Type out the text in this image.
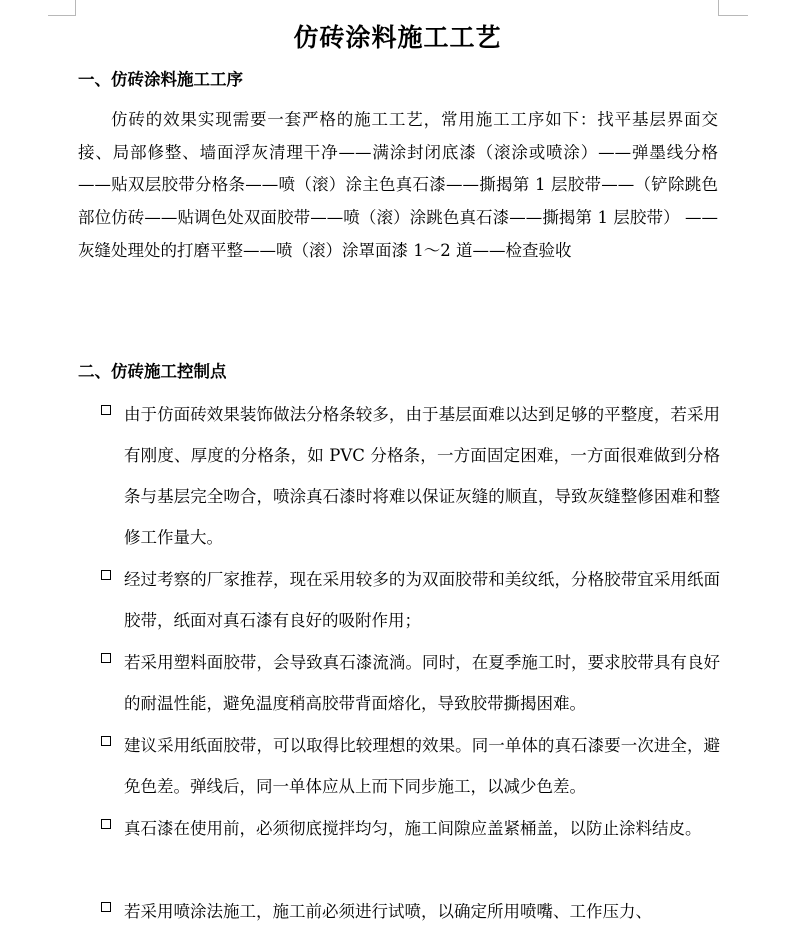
仿砖涂料施工工艺
一、仿砖涂料施工工序

仿砖的效果实现需要一套严格的施工工艺，常用施工工序如下：找平基层界面交接、局部修整、墙面浮灰清理干净——满涂封闭底漆（滚涂或喷涂）——弹墨线分格——贴双层胶带分格条——喷（滚）涂主色真石漆——撕揭第 1 层胶带——（铲除跳色部位仿砖——贴调色处双面胶带——喷（滚）涂跳色真石漆——撕揭第 1 层胶带） ——灰缝处理处的打磨平整——喷（滚）涂罩面漆 1～2 道——检查验收

二、仿砖施工控制点
由于仿面砖效果装饰做法分格条较多，由于基层面难以达到足够的平整度，若采用有刚度、厚度的分格条，如 PVC 分格条，一方面固定困难，一方面很难做到分格条与基层完全吻合，喷涂真石漆时将难以保证灰缝的顺直，导致灰缝整修困难和整修工作量大。
经过考察的厂家推荐，现在采用较多的为双面胶带和美纹纸，分格胶带宜采用纸面胶带，纸面对真石漆有良好的吸附作用；
若采用塑料面胶带，会导致真石漆流淌。同时，在夏季施工时，要求胶带具有良好的耐温性能，避免温度稍高胶带背面熔化，导致胶带撕揭困难。
建议采用纸面胶带，可以取得比较理想的效果。同一单体的真石漆要一次进全，避免色差。弹线后，同一单体应从上而下同步施工，以减少色差。
真石漆在使用前，必须彻底搅拌均匀，施工间隙应盖紧桶盖，以防止涂料结皮。
若采用喷涂法施工，施工前必须进行试喷，以确定所用喷嘴、工作压力、
